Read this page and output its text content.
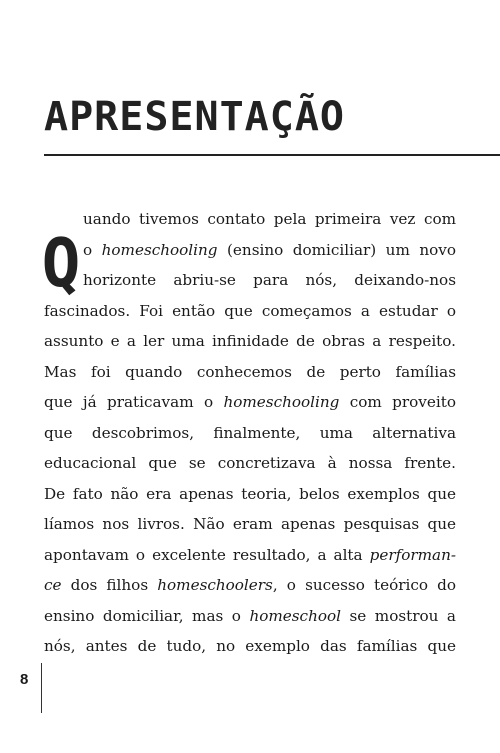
APRESENTAÇÃO
Q
uando tivemos contato pela primeira vez com
o homeschooling (ensino domiciliar) um novo
horizonte abriu-se para nós, deixando-nos
fascinados. Foi então que começamos a estudar o
assunto e a ler uma infinidade de obras a respeito.
Mas foi quando conhecemos de perto famílias
que já praticavam o homeschooling com proveito
que descobrimos, finalmente, uma alternativa
educacional que se concretizava à nossa frente.
De fato não era apenas teoria, belos exemplos que
líamos nos livros. Não eram apenas pesquisas que
apontavam o excelente resultado, a alta performan-
ce dos filhos homeschoolers, o sucesso teórico do
ensino domiciliar, mas o homeschool se mostrou a
nós, antes de tudo, no exemplo das famílias que
8
